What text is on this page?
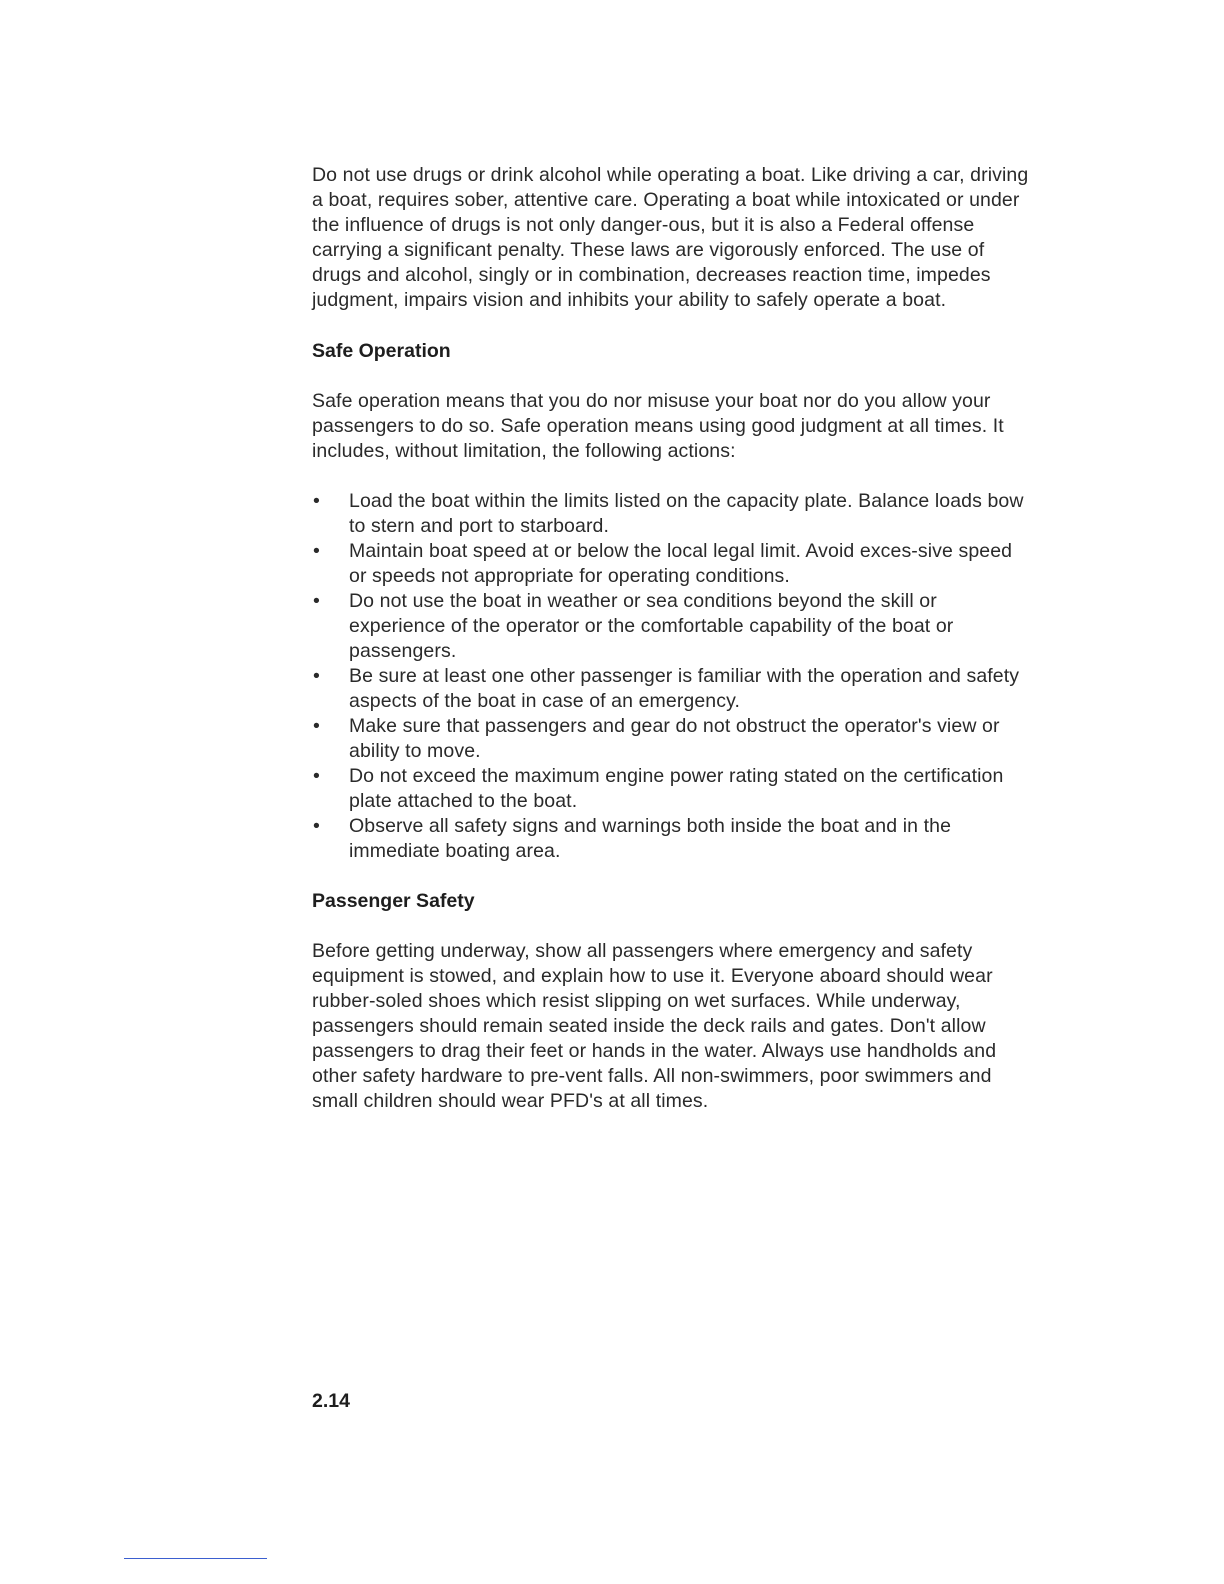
Do not use drugs or drink alcohol while operating a boat. Like driving a car, driving a boat, requires sober, attentive care. Operating a boat while intoxicated or under the influence of drugs is not only danger-ous, but it is also a Federal offense carrying a significant penalty. These laws are vigorously enforced. The use of drugs and alcohol, singly or in combination, decreases reaction time, impedes judgment, impairs vision and inhibits your ability to safely operate a boat.

Safe Operation

Safe operation means that you do nor misuse your boat nor do you allow your passengers to do so. Safe operation means using good judgment at all times. It includes, without limitation, the following actions:

• Load the boat within the limits listed on the capacity plate. Balance loads bow to stern and port to starboard.
• Maintain boat speed at or below the local legal limit. Avoid exces-sive speed or speeds not appropriate for operating conditions.
• Do not use the boat in weather or sea conditions beyond the skill or experience of the operator or the comfortable capability of the boat or passengers.
• Be sure at least one other passenger is familiar with the operation and safety aspects of the boat in case of an emergency.
• Make sure that passengers and gear do not obstruct the operator's view or ability to move.
• Do not exceed the maximum engine power rating stated on the certification plate attached to the boat.
• Observe all safety signs and warnings both inside the boat and in the immediate boating area.
Passenger Safety

Before getting underway, show all passengers where emergency and safety equipment is stowed, and explain how to use it. Everyone aboard should wear rubber-soled shoes which resist slipping on wet surfaces. While underway, passengers should remain seated inside the deck rails and gates. Don't allow passengers to drag their feet or hands in the water. Always use handholds and other safety hardware to pre-vent falls. All non-swimmers, poor swimmers and small children should wear PFD's at all times.

2.14
